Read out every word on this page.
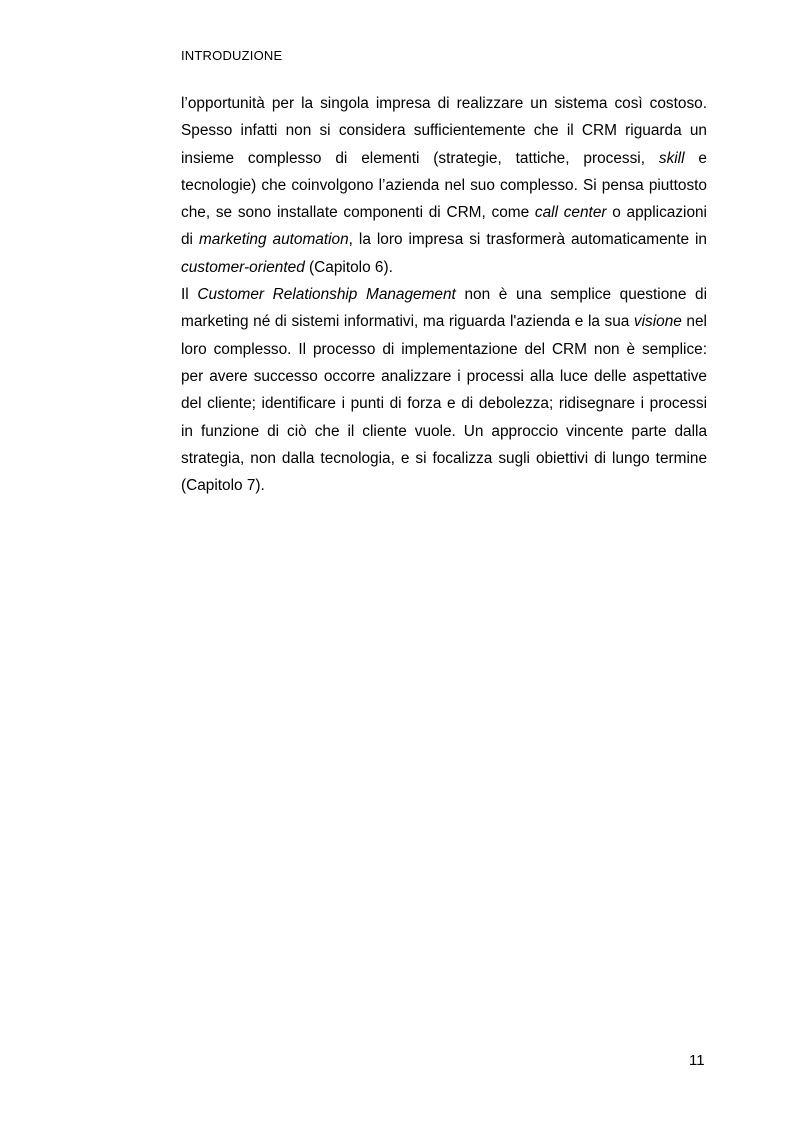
INTRODUZIONE

l’opportunità per la singola impresa di realizzare un sistema così costoso. Spesso infatti non si considera sufficientemente che il CRM riguarda un insieme complesso di elementi (strategie, tattiche, processi, skill e tecnologie) che coinvolgono l’azienda nel suo complesso. Si pensa piuttosto che, se sono installate componenti di CRM, come call center o applicazioni di marketing automation, la loro impresa si trasformerà automaticamente in customer-oriented (Capitolo 6).

Il Customer Relationship Management non è una semplice questione di marketing né di sistemi informativi, ma riguarda l'azienda e la sua visione nel loro complesso. Il processo di implementazione del CRM non è semplice: per avere successo occorre analizzare i processi alla luce delle aspettative del cliente; identificare i punti di forza e di debolezza; ridisegnare i processi in funzione di ciò che il cliente vuole. Un approccio vincente parte dalla strategia, non dalla tecnologia, e si focalizza sugli obiettivi di lungo termine (Capitolo 7).

11
